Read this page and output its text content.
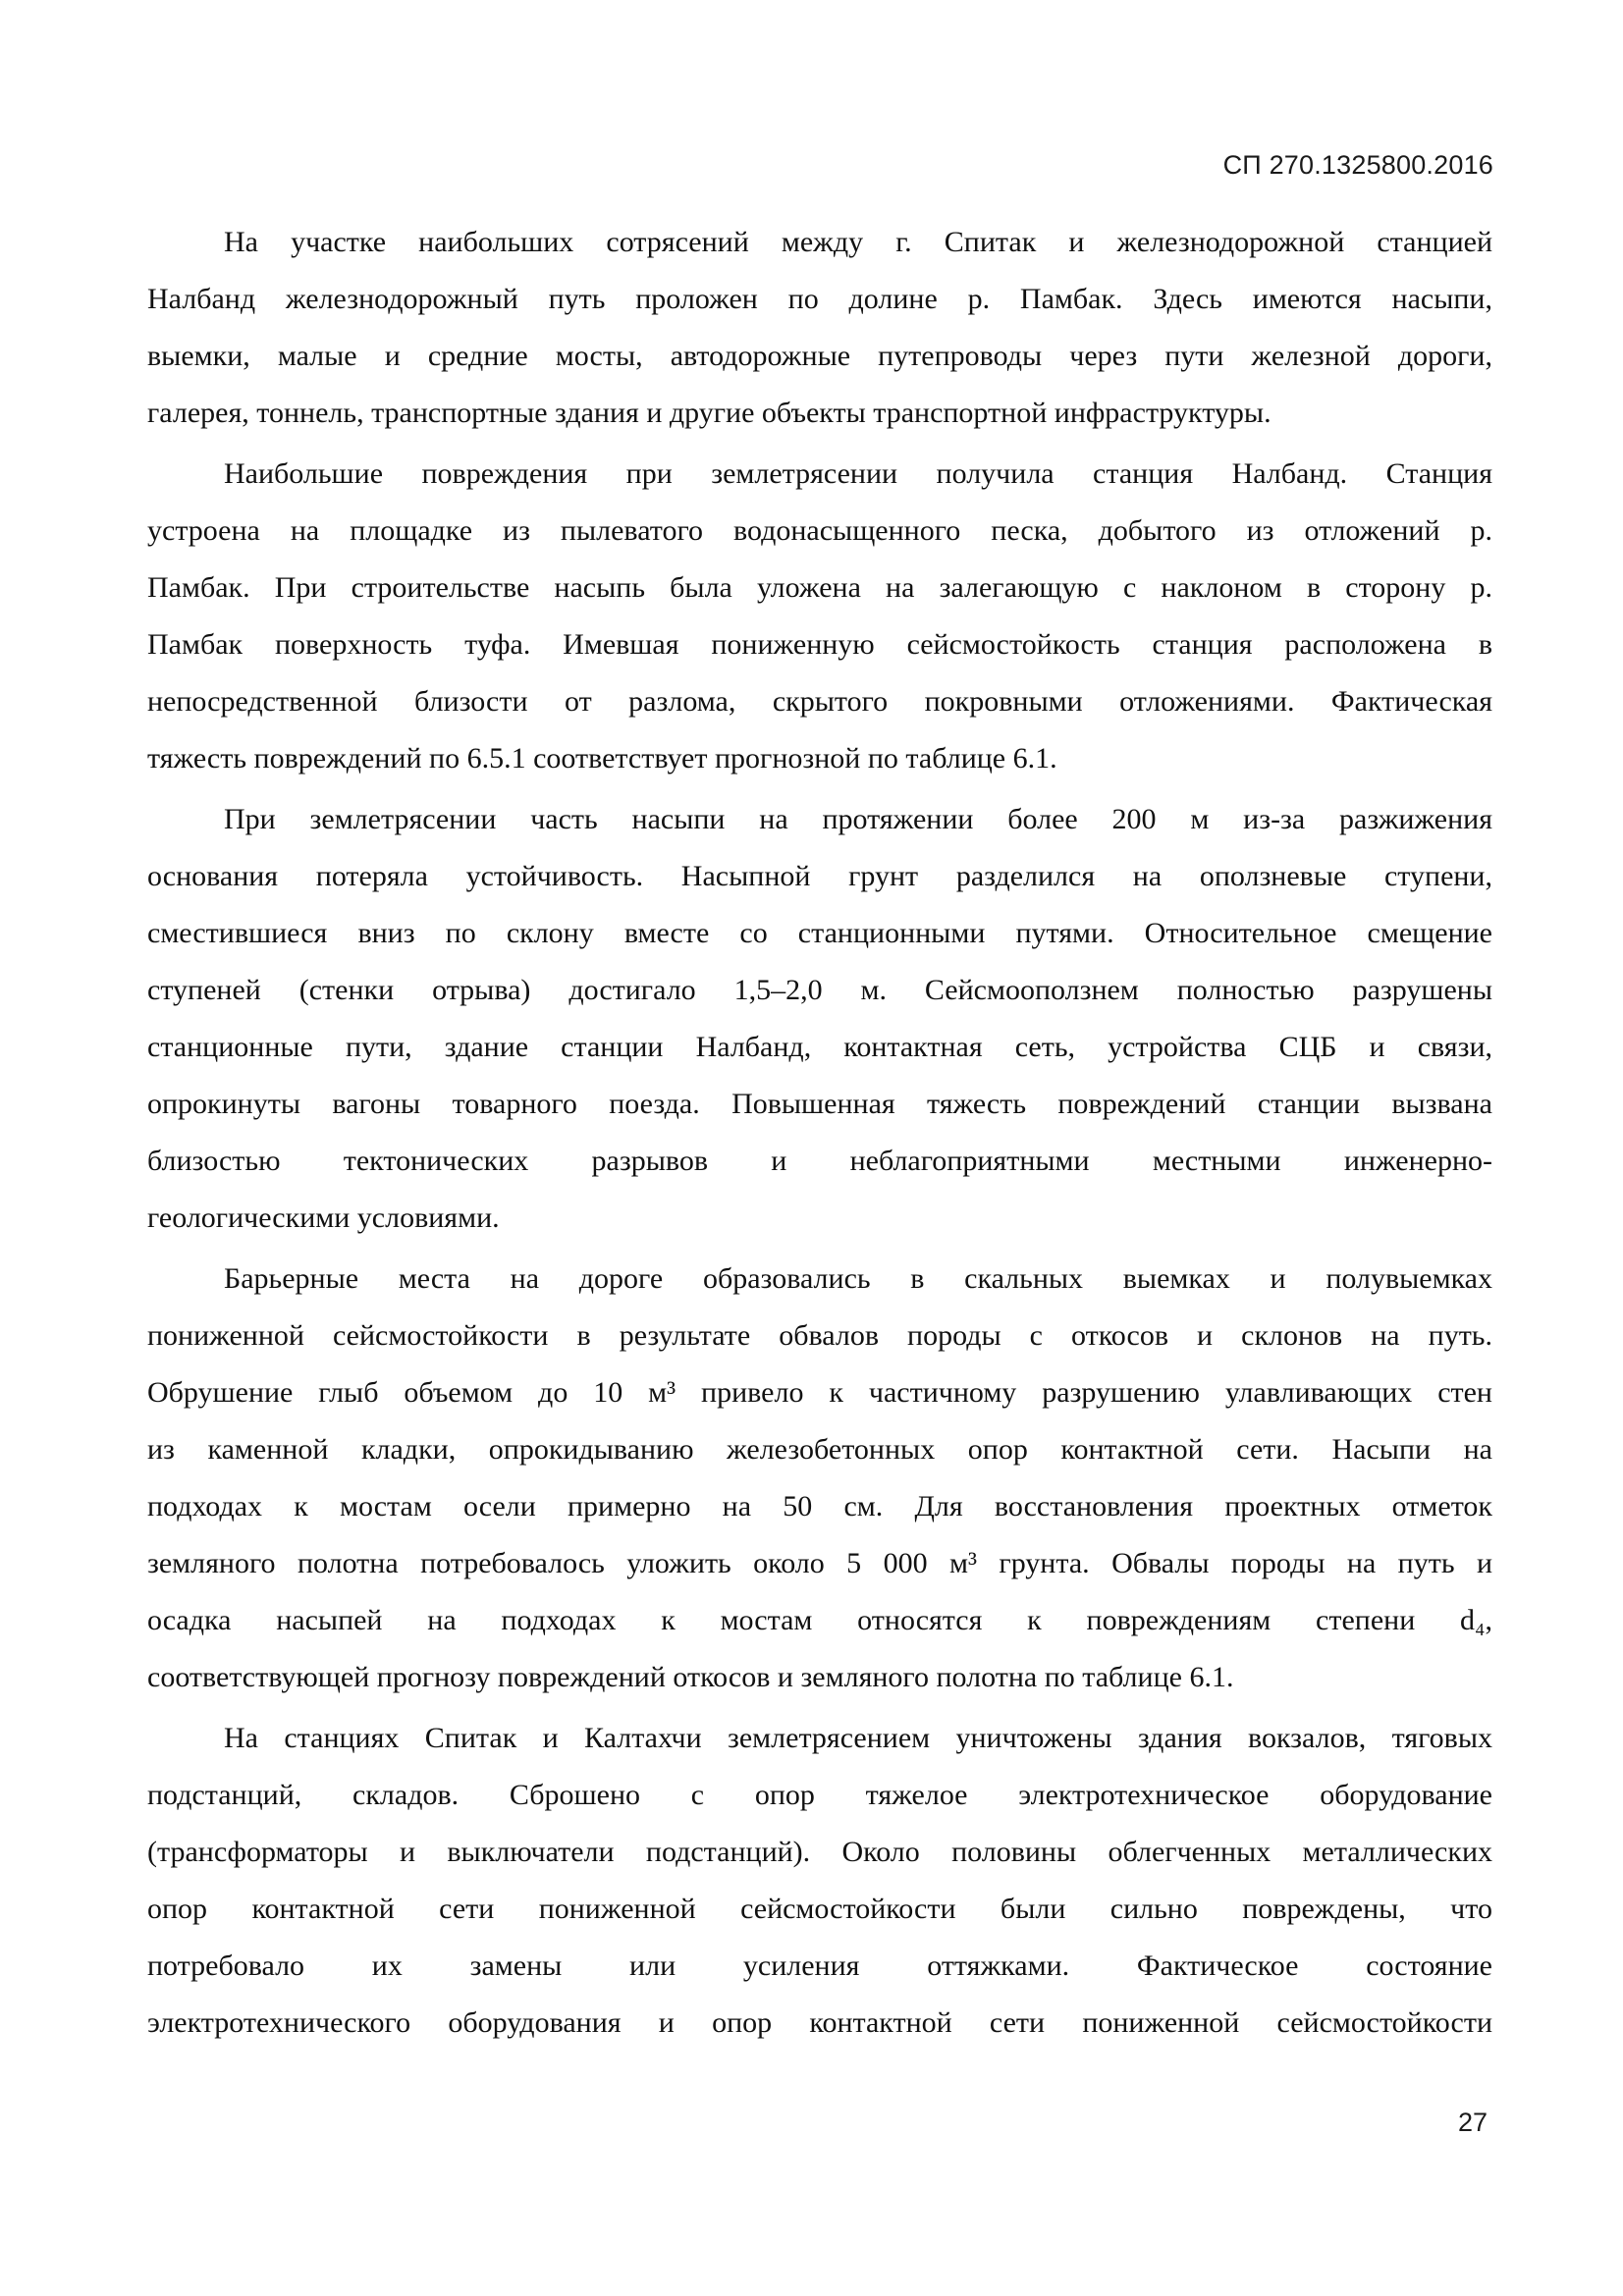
СП 270.1325800.2016
На участке наибольших сотрясений между г. Спитак и железнодорожной станцией
Налбанд железнодорожный путь проложен по долине р. Памбак. Здесь имеются насыпи,
выемки, малые и средние мосты, автодорожные путепроводы через пути железной дороги,
галерея, тоннель, транспортные здания и другие объекты транспортной инфраструктуры.
Наибольшие повреждения при землетрясении получила станция Налбанд. Станция
устроена на площадке из пылеватого водонасыщенного песка, добытого из отложений р.
Памбак. При строительстве насыпь была уложена на залегающую с наклоном в сторону р.
Памбак поверхность туфа. Имевшая пониженную сейсмостойкость станция расположена в
непосредственной близости от разлома, скрытого покровными отложениями. Фактическая
тяжесть повреждений по 6.5.1 соответствует прогнозной по таблице 6.1.
При землетрясении часть насыпи на протяжении более 200 м из-за разжижения
основания потеряла устойчивость. Насыпной грунт разделился на оползневые ступени,
сместившиеся вниз по склону вместе со станционными путями. Относительное смещение
ступеней (стенки отрыва) достигало 1,5–2,0 м. Сейсмооползнем полностью разрушены
станционные пути, здание станции Налбанд, контактная сеть, устройства СЦБ и связи,
опрокинуты вагоны товарного поезда. Повышенная тяжесть повреждений станции вызвана
близостью тектонических разрывов и неблагоприятными местными инженерно-
геологическими условиями.
Барьерные места на дороге образовались в скальных выемках и полувыемках
пониженной сейсмостойкости в результате обвалов породы с откосов и склонов на путь.
Обрушение глыб объемом до 10 м³ привело к частичному разрушению улавливающих стен
из каменной кладки, опрокидыванию железобетонных опор контактной сети. Насыпи на
подходах к мостам осели примерно на 50 см. Для восстановления проектных отметок
земляного полотна потребовалось уложить около 5 000 м³ грунта. Обвалы породы на путь и
осадка насыпей на подходах к мостам относятся к повреждениям степени d₄,
соответствующей прогнозу повреждений откосов и земляного полотна по таблице 6.1.
На станциях Спитак и Калтахчи землетрясением уничтожены здания вокзалов, тяговых
подстанций, складов. Сброшено с опор тяжелое электротехническое оборудование
(трансформаторы и выключатели подстанций). Около половины облегченных металлических
опор контактной сети пониженной сейсмостойкости были сильно повреждены, что
потребовало их замены или усиления оттяжками. Фактическое состояние
электротехнического оборудования и опор контактной сети пониженной сейсмостойкости
27
